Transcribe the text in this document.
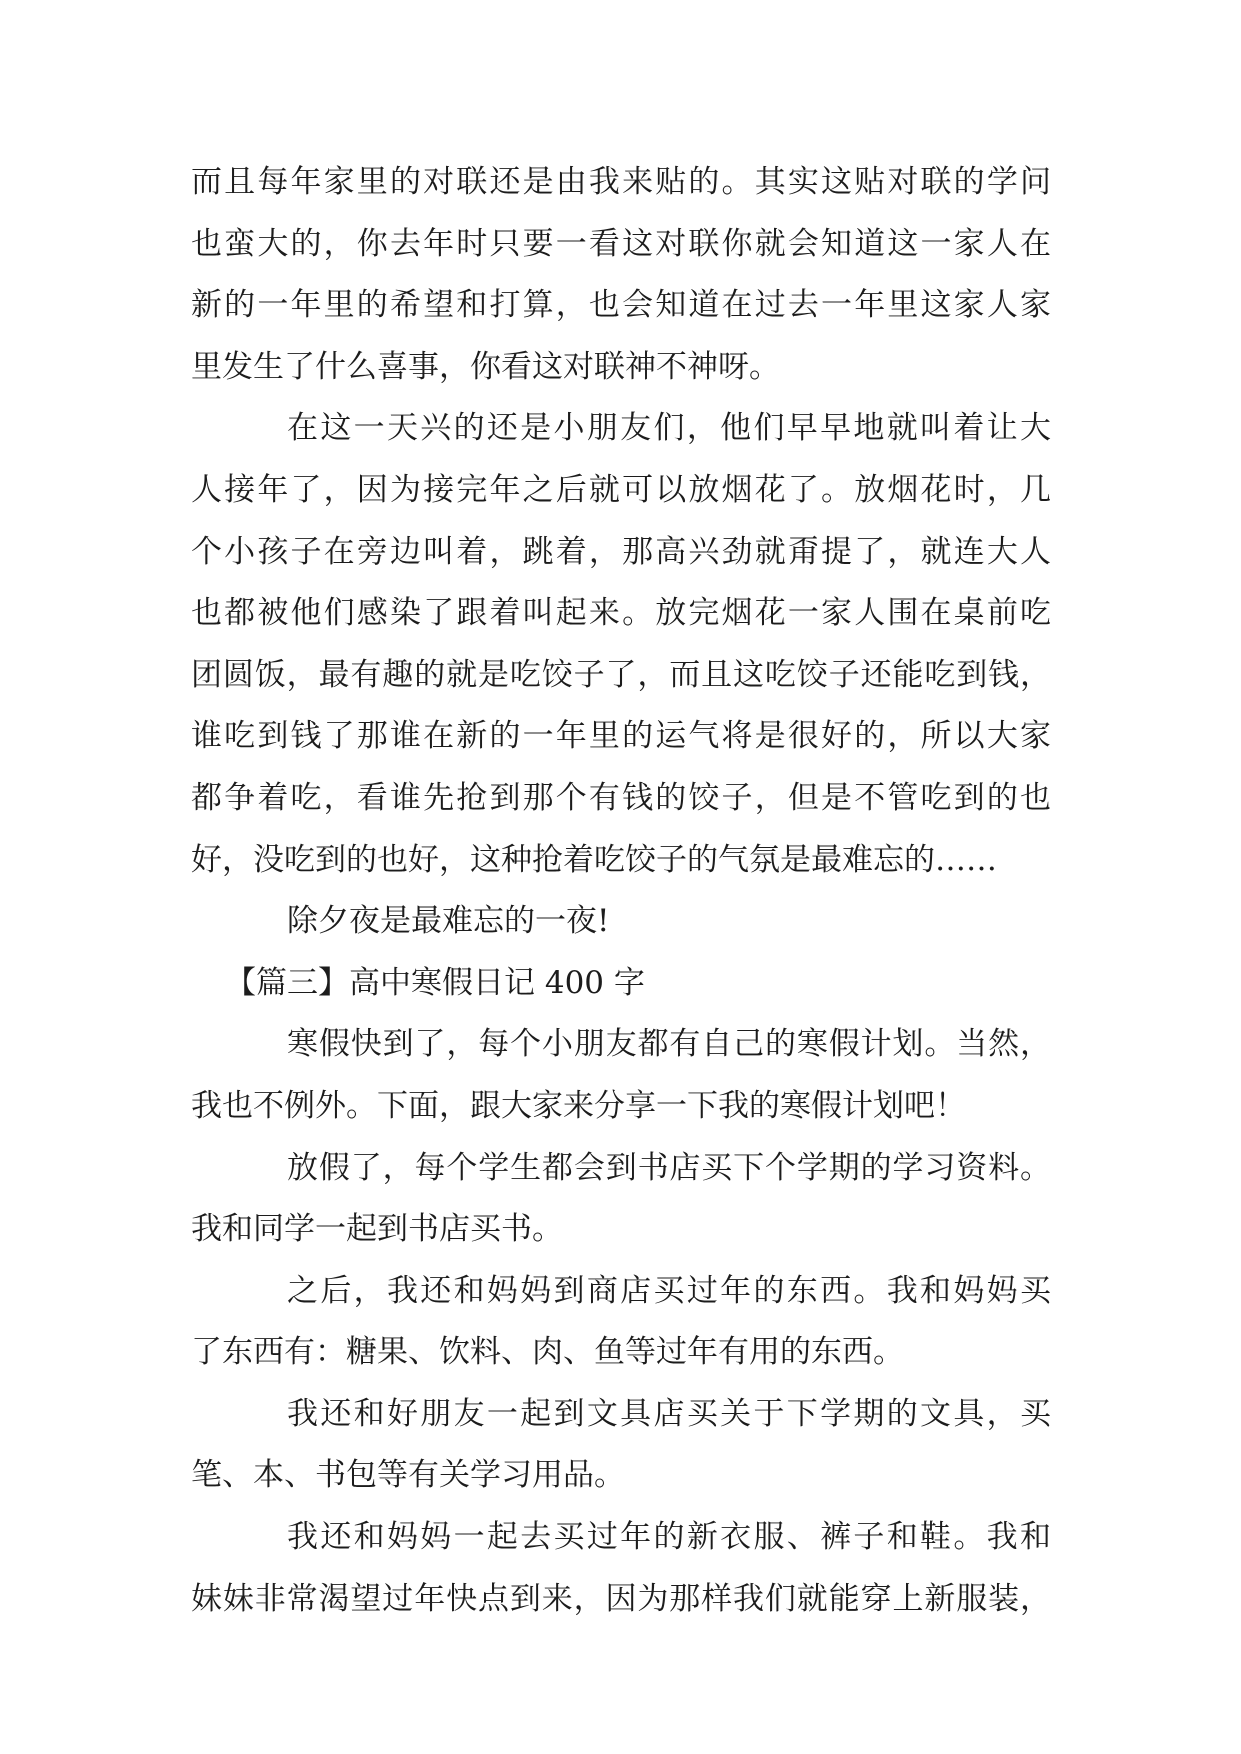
而且每年家里的对联还是由我来贴的。其实这贴对联的学问
也蛮大的，你去年时只要一看这对联你就会知道这一家人在
新的一年里的希望和打算，也会知道在过去一年里这家人家
里发生了什么喜事，你看这对联神不神呀。
在这一天兴的还是小朋友们，他们早早地就叫着让大
人接年了，因为接完年之后就可以放烟花了。放烟花时，几
个小孩子在旁边叫着，跳着，那高兴劲就甭提了，就连大人
也都被他们感染了跟着叫起来。放完烟花一家人围在桌前吃
团圆饭，最有趣的就是吃饺子了，而且这吃饺子还能吃到钱，
谁吃到钱了那谁在新的一年里的运气将是很好的，所以大家
都争着吃，看谁先抢到那个有钱的饺子，但是不管吃到的也
好，没吃到的也好，这种抢着吃饺子的气氛是最难忘的……
除夕夜是最难忘的一夜!
【篇三】高中寒假日记 400 字
寒假快到了，每个小朋友都有自己的寒假计划。当然，
我也不例外。下面，跟大家来分享一下我的寒假计划吧！
放假了，每个学生都会到书店买下个学期的学习资料。
我和同学一起到书店买书。
之后，我还和妈妈到商店买过年的东西。我和妈妈买
了东西有：糖果、饮料、肉、鱼等过年有用的东西。
我还和好朋友一起到文具店买关于下学期的文具，买
笔、本、书包等有关学习用品。
我还和妈妈一起去买过年的新衣服、裤子和鞋。我和
妹妹非常渴望过年快点到来，因为那样我们就能穿上新服装，
